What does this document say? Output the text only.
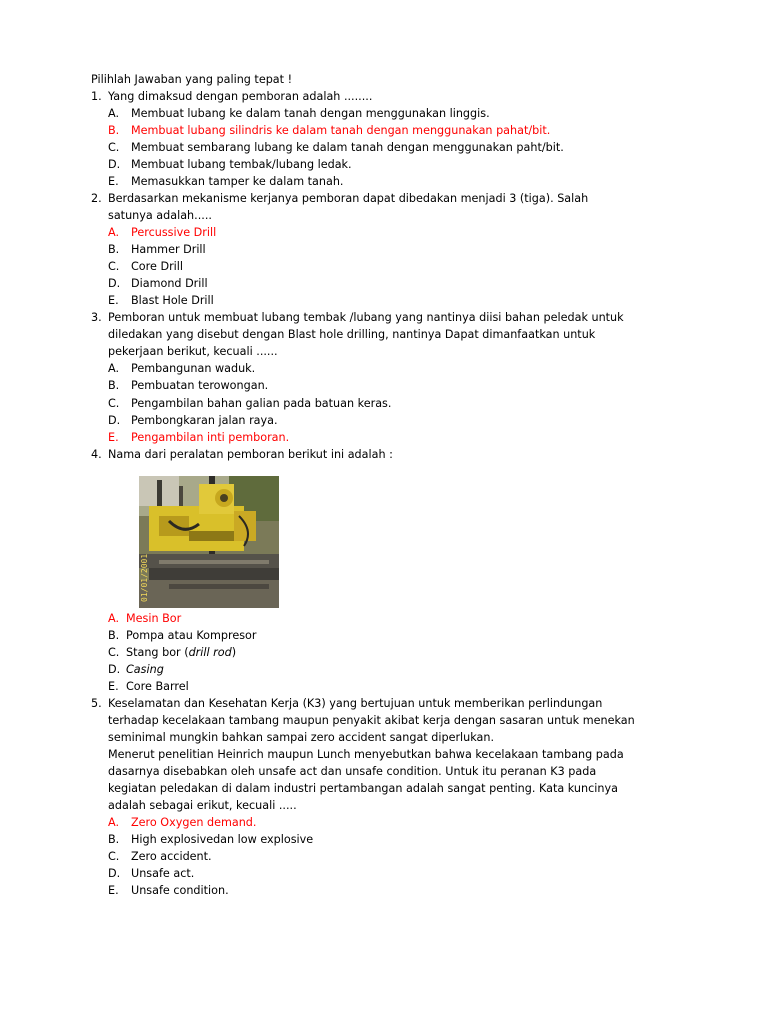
Pilihlah Jawaban yang paling tepat !
1. Yang dimaksud dengan pemboran adalah ........
A. Membuat lubang ke dalam tanah dengan menggunakan linggis.
B. Membuat lubang silindris ke dalam tanah dengan menggunakan pahat/bit.
C. Membuat sembarang lubang ke dalam tanah dengan menggunakan paht/bit.
D. Membuat lubang tembak/lubang ledak.
E. Memasukkan tamper ke dalam tanah.
2. Berdasarkan mekanisme kerjanya pemboran dapat dibedakan menjadi 3 (tiga). Salah
satunya adalah.....
A. Percussive Drill
B. Hammer Drill
C. Core Drill
D. Diamond Drill
E. Blast Hole Drill
3. Pemboran untuk membuat lubang tembak /lubang yang nantinya diisi bahan peledak untuk
diledakan yang disebut dengan Blast hole drilling, nantinya Dapat dimanfaatkan untuk
pekerjaan berikut, kecuali ......
A. Pembangunan waduk.
B. Pembuatan terowongan.
C. Pengambilan bahan galian pada batuan keras.
D. Pembongkaran jalan raya.
E. Pengambilan inti pemboran.
4. Nama dari peralatan pemboran berikut ini adalah :
01/01/2001
A. Mesin Bor
B. Pompa atau Kompresor
C. Stang bor (drill rod)
D. Casing
E. Core Barrel
5. Keselamatan dan Kesehatan Kerja (K3) yang bertujuan untuk memberikan perlindungan
terhadap kecelakaan tambang maupun penyakit akibat kerja dengan sasaran untuk menekan
seminimal mungkin bahkan sampai zero accident sangat diperlukan.
Menerut penelitian Heinrich maupun Lunch menyebutkan bahwa kecelakaan tambang pada
dasarnya disebabkan oleh unsafe act dan unsafe condition. Untuk itu peranan K3 pada
kegiatan peledakan di dalam industri pertambangan adalah sangat penting. Kata kuncinya
adalah sebagai erikut, kecuali .....
A. Zero Oxygen demand.
B. High explosivedan low explosive
C. Zero accident.
D. Unsafe act.
E. Unsafe condition.
